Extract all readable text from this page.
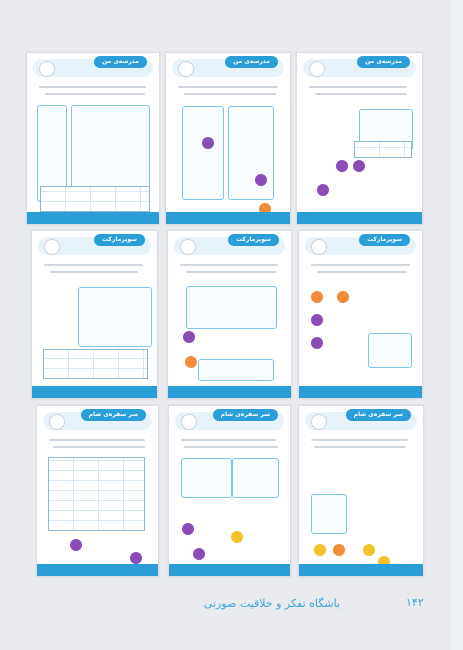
مدرسه‌ی من	مدرسه‌ی من	مدرسه‌ی من
سوپرمارکت	سوپرمارکت	سوپرمارکت
سر سفره‌ی شام	سر سفره‌ی شام	سر سفره‌ی شام
باشگاه تفکر و خلاقیت صورتی	۱۴۲
